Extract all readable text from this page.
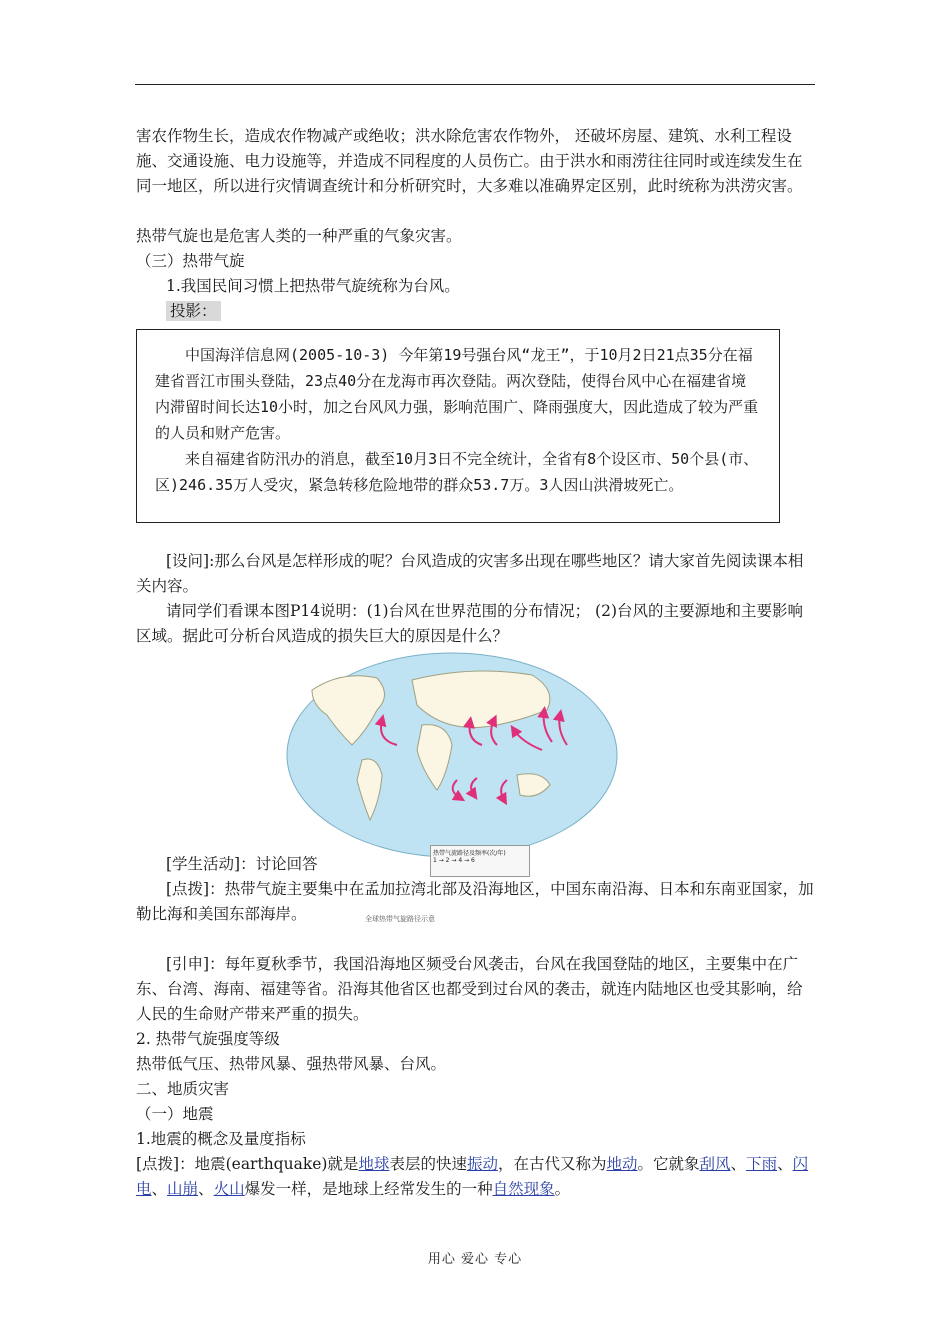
害农作物生长，造成农作物减产或绝收；洪水除危害农作物外， 还破坏房屋、建筑、水利工程设施、交通设施、电力设施等，并造成不同程度的人员伤亡。由于洪水和雨涝往往同时或连续发生在同一地区，所以进行灾情调查统计和分析研究时，大多难以准确界定区别，此时统称为洪涝灾害。
热带气旋也是危害人类的一种严重的气象灾害。
（三）热带气旋
1.我国民间习惯上把热带气旋统称为台风。
投影：

中国海洋信息网(2005-10-3) 今年第19号强台风“龙王”，于10月2日21点35分在福建省晋江市围头登陆，23点40分在龙海市再次登陆。两次登陆，使得台风中心在福建省境内滞留时间长达10小时，加之台风风力强，影响范围广、降雨强度大，因此造成了较为严重的人员和财产危害。

来自福建省防汛办的消息，截至10月3日不完全统计，全省有8个设区市、50个县(市、区)246.35万人受灾，紧急转移危险地带的群众53.7万。3人因山洪滑坡死亡。

[设问]:那么台风是怎样形成的呢？台风造成的灾害多出现在哪些地区？请大家首先阅读课本相关内容。
请同学们看课本图P14说明：(1)台风在世界范围的分布情况； (2)台风的主要源地和主要影响区域。据此可分析台风造成的损失巨大的原因是什么？
热带气旋路径及频率(次/年)
1 → 2 → 4 → 6
全球热带气旋路径示意
[学生活动]：讨论回答
[点拨]：热带气旋主要集中在孟加拉湾北部及沿海地区，中国东南沿海、日本和东南亚国家，加勒比海和美国东部海岸。
[引申]：每年夏秋季节，我国沿海地区频受台风袭击，台风在我国登陆的地区，主要集中在广东、台湾、海南、福建等省。沿海其他省区也都受到过台风的袭击，就连内陆地区也受其影响，给人民的生命财产带来严重的损失。
2. 热带气旋强度等级
热带低气压、热带风暴、强热带风暴、台风。
二、地质灾害
（一）地震
1.地震的概念及量度指标
[点拨]：地震(earthquake)就是地球表层的快速振动，在古代又称为地动。它就象刮风、下雨、闪电、山崩、火山爆发一样，是地球上经常发生的一种自然现象。
用心 爱心 专心
